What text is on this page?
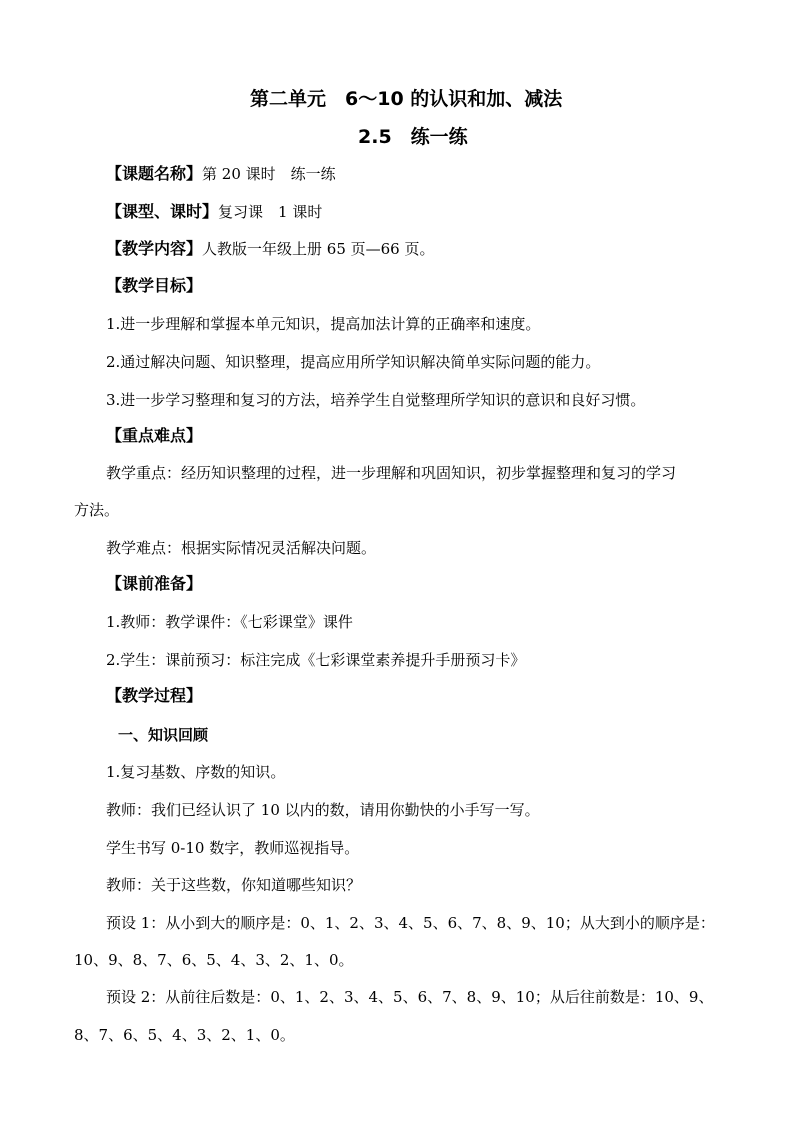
第二单元　6～10 的认识和加、减法
2.5　练一练
【课题名称】第 20 课时　练一练
【课型、课时】复习课　1 课时
【教学内容】人教版一年级上册 65 页—66 页。
【教学目标】
1.进一步理解和掌握本单元知识，提高加法计算的正确率和速度。
2.通过解决问题、知识整理，提高应用所学知识解决简单实际问题的能力。
3.进一步学习整理和复习的方法，培养学生自觉整理所学知识的意识和良好习惯。
【重点难点】
教学重点：经历知识整理的过程，进一步理解和巩固知识，初步掌握整理和复习的学习
方法。
教学难点：根据实际情况灵活解决问题。
【课前准备】
1.教师：教学课件：《七彩课堂》课件
2.学生：课前预习：标注完成《七彩课堂素养提升手册预习卡》
【教学过程】
一、知识回顾
1.复习基数、序数的知识。
教师：我们已经认识了 10 以内的数，请用你勤快的小手写一写。
学生书写 0-10 数字，教师巡视指导。
教师：关于这些数，你知道哪些知识？
预设 1：从小到大的顺序是：0、1、2、3、4、5、6、7、8、9、10；从大到小的顺序是：
10、9、8、7、6、5、4、3、2、1、0。
预设 2：从前往后数是：0、1、2、3、4、5、6、7、8、9、10；从后往前数是：10、9、
8、7、6、5、4、3、2、1、0。
